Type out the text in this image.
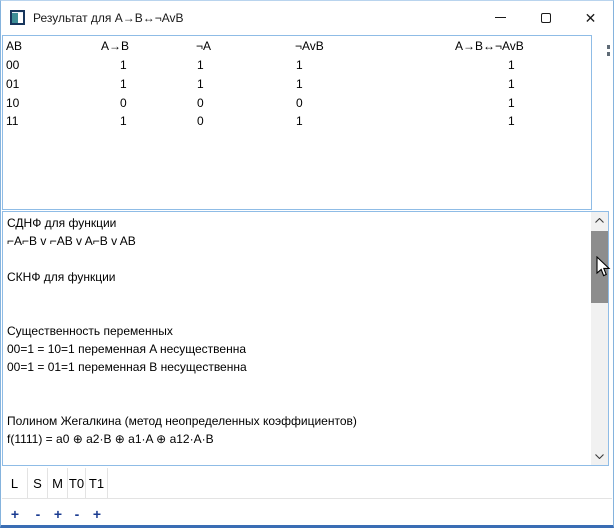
Результат для A→B↔¬AvB	✕
AB	A→B	¬A	¬AvB	A→B↔¬AvB
00	1	1	1	1
01	1	1	1	1
10	0	0	0	1
11	1	0	1	1
СДНФ для функции
⌐A⌐B v ⌐AB v A⌐B v AB
СКНФ для функции
Существенность переменных
00=1 = 10=1 переменная A несущественна
00=1 = 01=1 переменная B несущественна
Полином Жегалкина (метод неопределенных коэффициентов)
f(1111) = a0 ⊕ a2·B ⊕ a1·A ⊕ a12·A·B
L	S M T0 T1
+	- + - +
